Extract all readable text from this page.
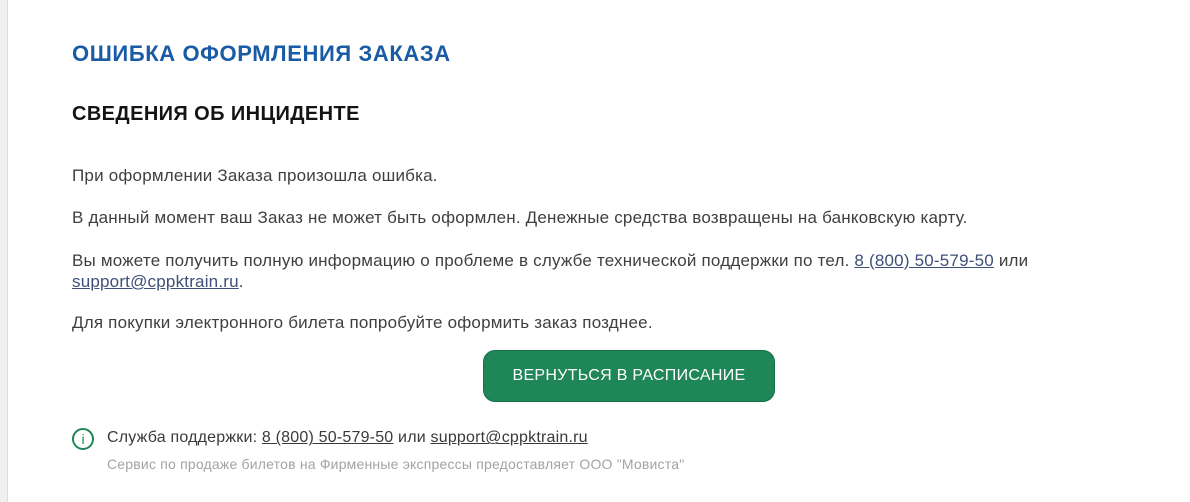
ОШИБКА ОФОРМЛЕНИЯ ЗАКАЗА
СВЕДЕНИЯ ОБ ИНЦИДЕНТЕ

При оформлении Заказа произошла ошибка.

В данный момент ваш Заказ не может быть оформлен. Денежные средства возвращены на банковскую карту.

Вы можете получить полную информацию о проблеме в службе технической поддержки по тел. 8 (800) 50-579-50 или support@cppktrain.ru.

Для покупки электронного билета попробуйте оформить заказ позднее.

ВЕРНУТЬСЯ В РАСПИСАНИЕ
i	Служба поддержки: 8 (800) 50-579-50 или support@cppktrain.ru
Сервис по продаже билетов на Фирменные экспрессы предоставляет ООО "Мовиста"
